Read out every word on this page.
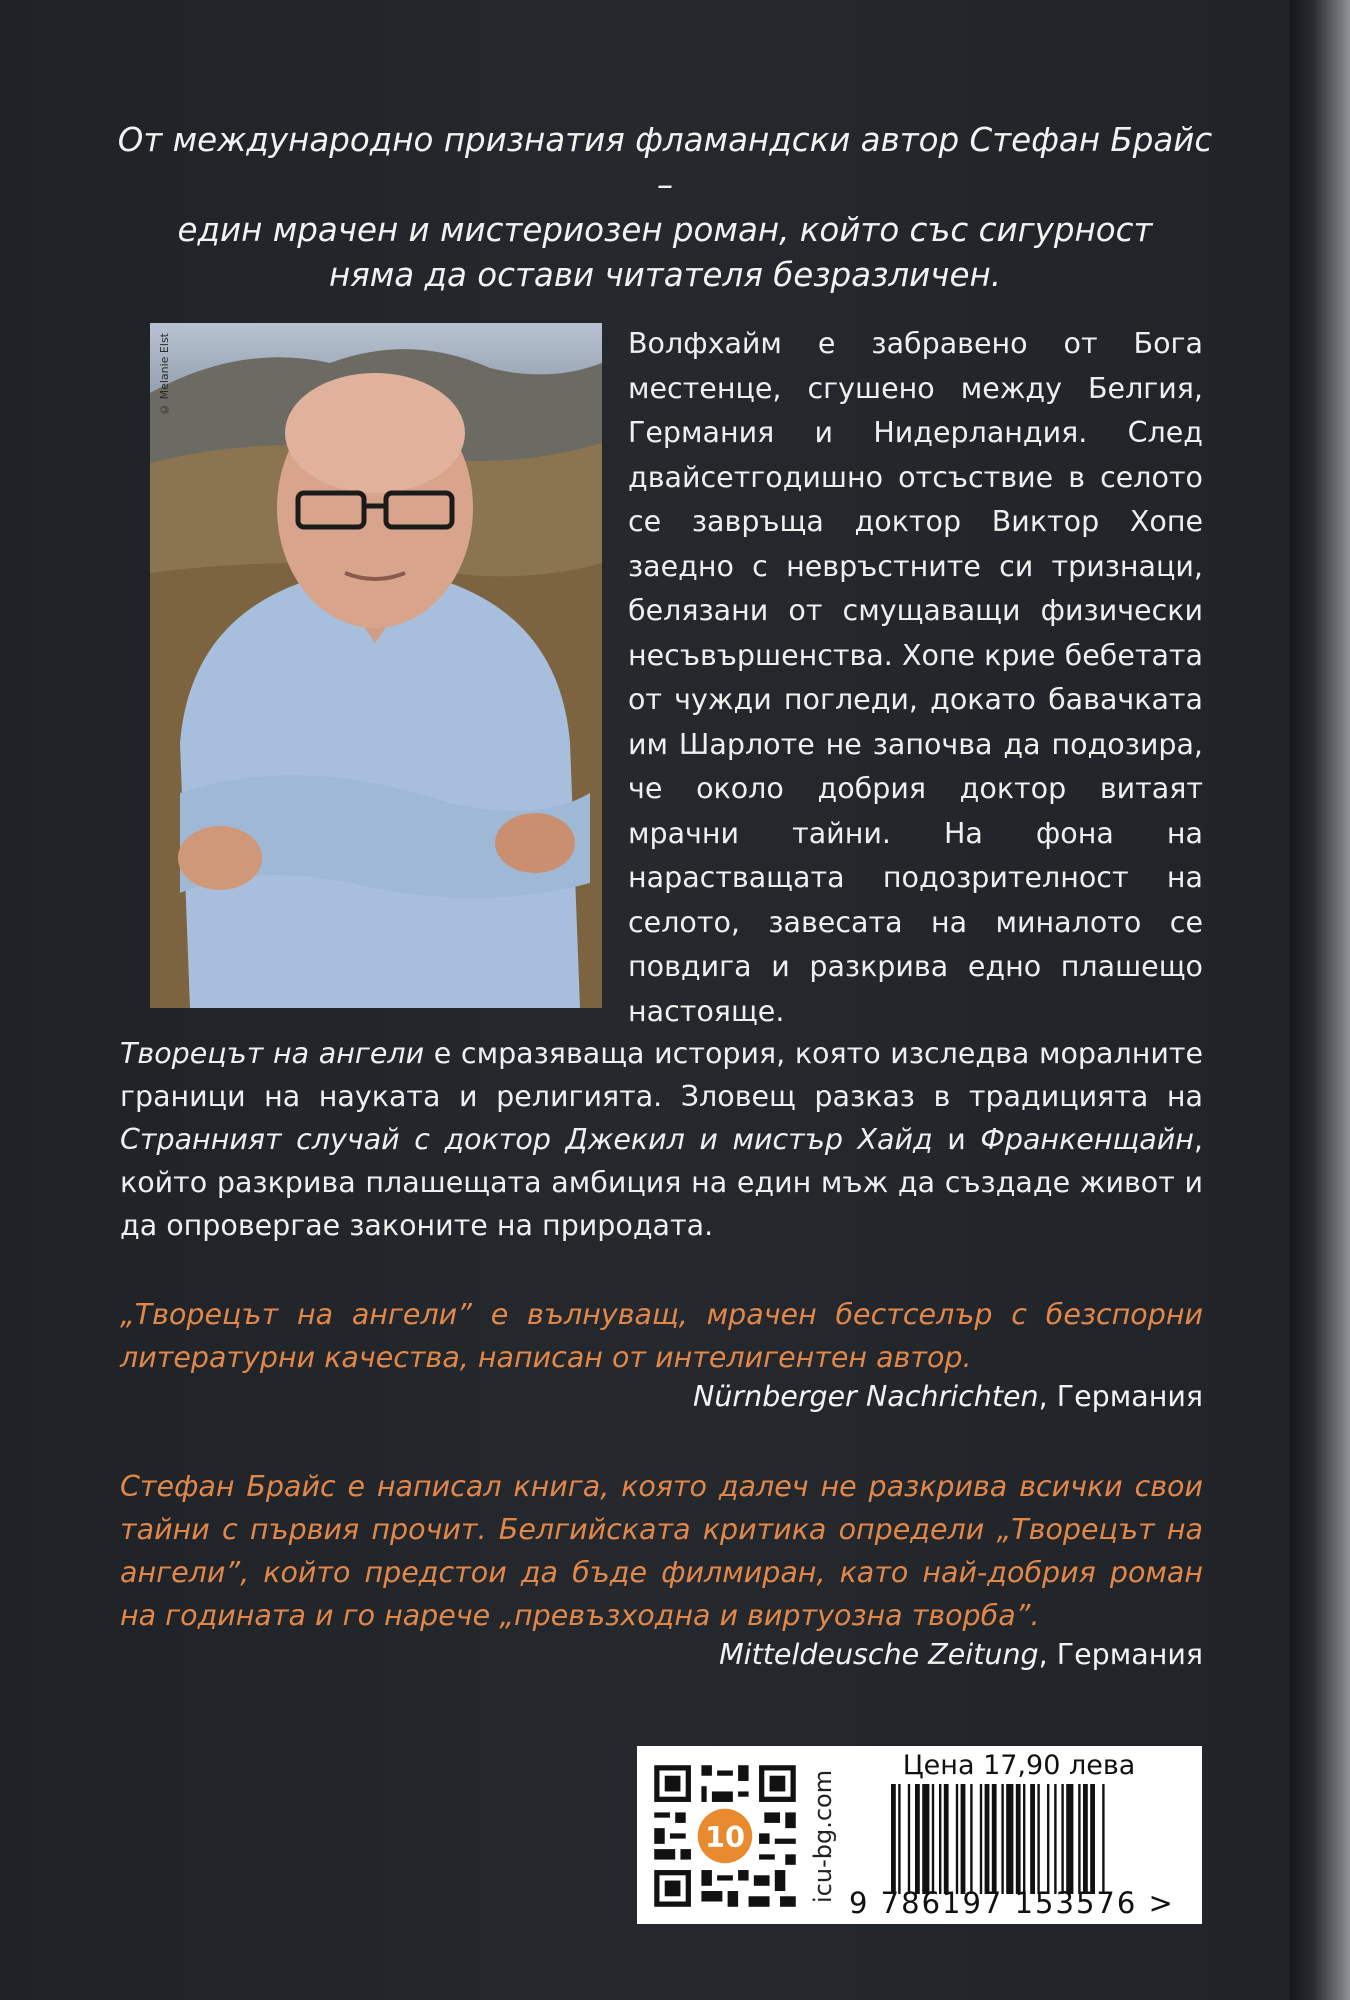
От международно признатия фламандски автор Стефан Брайс –
един мрачен и мистериозен роман, който със сигурност
няма да остави читателя безразличен.
© Melanie Elst	Волфхайм е забравено от Бога местенце, сгушено между Белгия, Германия и Нидерландия. След двайсетгодишно отсъствие в селото се завръща доктор Виктор Хопе заедно с невръстните си тризнаци, белязани от смущаващи физически несъвършенства. Хопе крие бебетата от чужди погледи, докато бавачката им Шарлоте не започва да подозира, че около добрия доктор витаят мрачни тайни. На фона на нарастващата подозрителност на селото, завесата на миналото се повдига и разкрива едно плашещо настояще.
Творецът на ангели е смразяваща история, която изследва моралните граници на науката и религията. Зловещ разказ в традицията на Странният случай с доктор Джекил и мистър Хайд и Франкенщайн, който разкрива плашещата амбиция на един мъж да създаде живот и да опровергае законите на природата.
„Творецът на ангели” е вълнуващ, мрачен бестселър с безспорни литературни качества, написан от интелигентен автор.
Nürnberger Nachrichten, Германия
Стефан Брайс е написал книга, която далеч не разкрива всички свои тайни с първия прочит. Белгийската критика определи „Творецът на ангели”, който предстои да бъде филмиран, като най-добрия роман на годината и го нарече „превъзходна и виртуозна творба”.
Mitteldeusche Zeitung, Германия
10	icu-bg.com
Цена 17,90 лева
9 786197 153576 >
